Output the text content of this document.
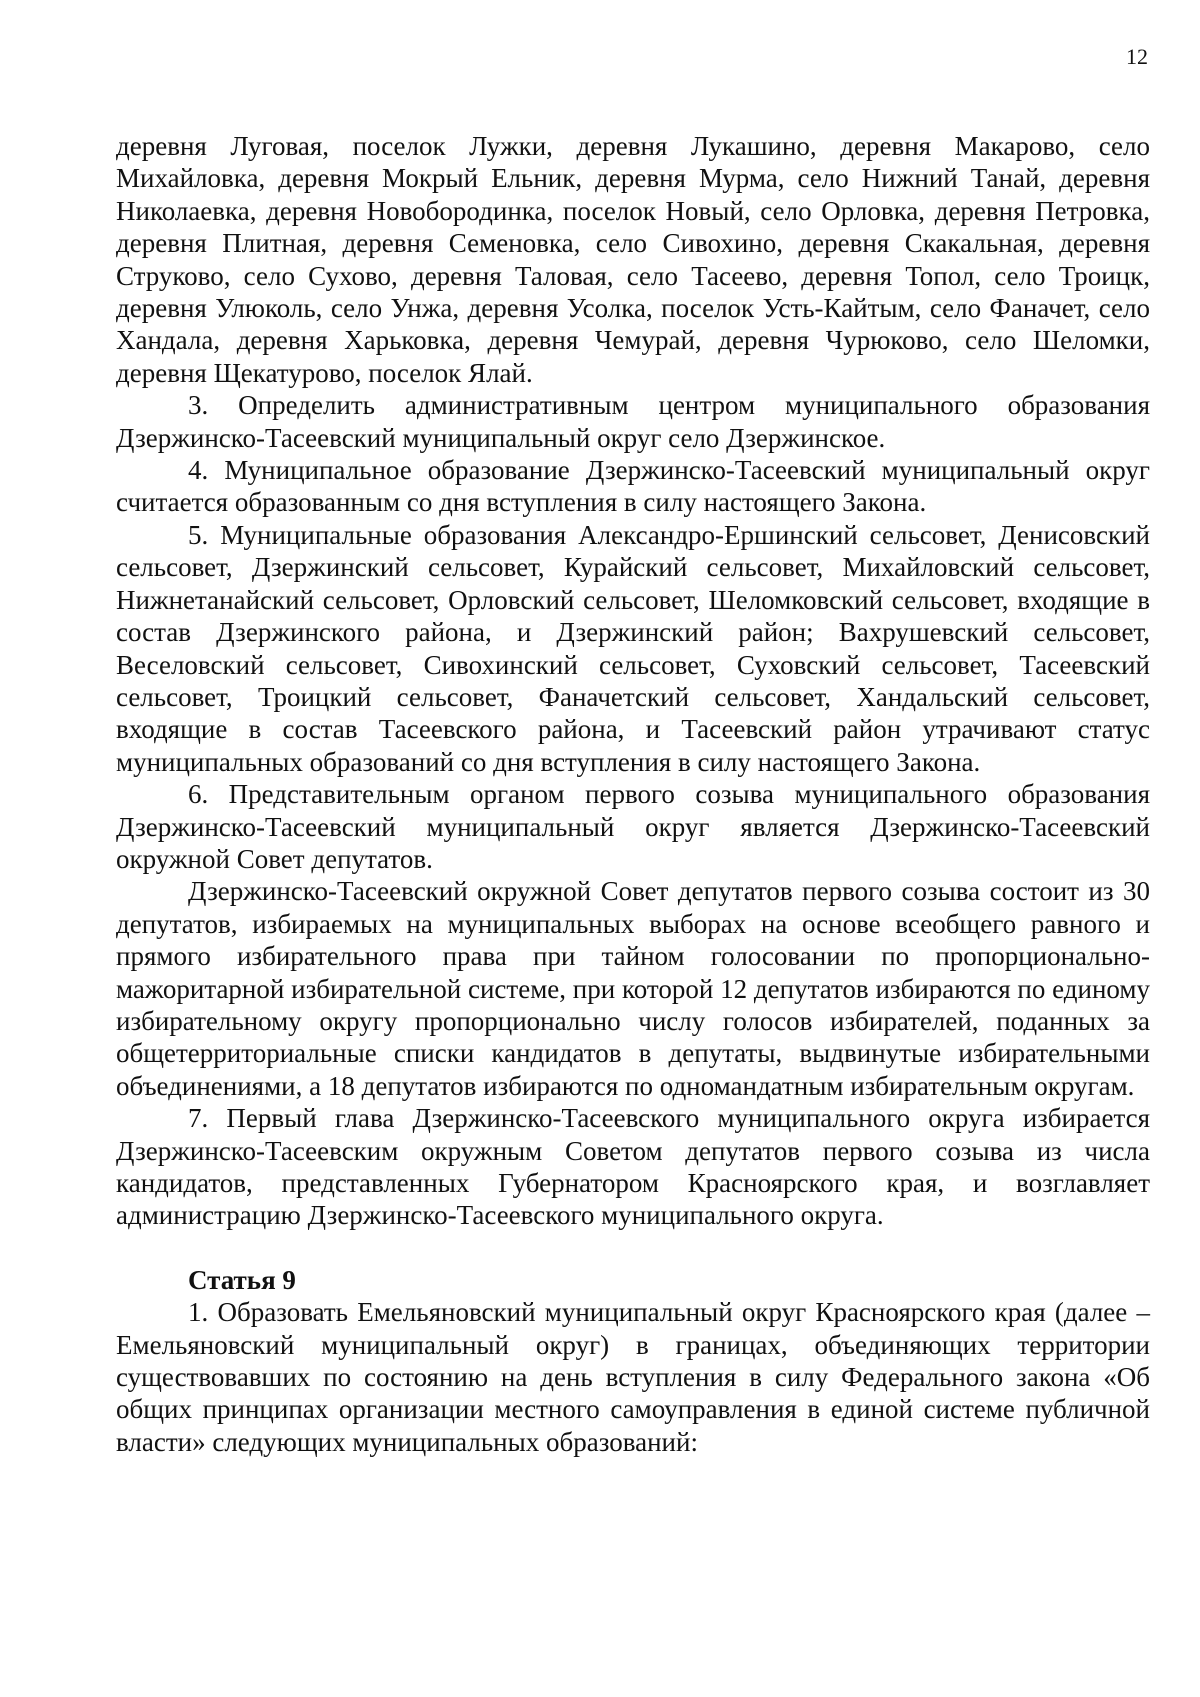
12

деревня Луговая, поселок Лужки, деревня Лукашино, деревня Макарово, село Михайловка, деревня Мокрый Ельник, деревня Мурма, село Нижний Танай, деревня Николаевка, деревня Новобородинка, поселок Новый, село Орловка, деревня Петровка, деревня Плитная, деревня Семеновка, село Сивохино, деревня Скакальная, деревня Струково, село Сухово, деревня Таловая, село Тасеево, деревня Топол, село Троицк, деревня Улюколь, село Унжа, деревня Усолка, поселок Усть-Кайтым, село Фаначет, село Хандала, деревня Харьковка, деревня Чемурай, деревня Чурюково, село Шеломки, деревня Щекатурово, поселок Ялай.

3. Определить административным центром муниципального образования Дзержинско-Тасеевский муниципальный округ село Дзержинское.

4. Муниципальное образование Дзержинско-Тасеевский муниципальный округ считается образованным со дня вступления в силу настоящего Закона.

5. Муниципальные образования Александро-Ершинский сельсовет, Денисовский сельсовет, Дзержинский сельсовет, Курайский сельсовет, Михайловский сельсовет, Нижнетанайский сельсовет, Орловский сельсовет, Шеломковский сельсовет, входящие в состав Дзержинского района, и Дзержинский район; Вахрушевский сельсовет, Веселовский сельсовет, Сивохинский сельсовет, Суховский сельсовет, Тасеевский сельсовет, Троицкий сельсовет, Фаначетский сельсовет, Хандальский сельсовет, входящие в состав Тасеевского района, и Тасеевский район утрачивают статус муниципальных образований со дня вступления в силу настоящего Закона.

6. Представительным органом первого созыва муниципального образования Дзержинско-Тасеевский муниципальный округ является Дзержинско-Тасеевский окружной Совет депутатов.

Дзержинско-Тасеевский окружной Совет депутатов первого созыва состоит из 30 депутатов, избираемых на муниципальных выборах на основе всеобщего равного и прямого избирательного права при тайном голосовании по пропорционально-мажоритарной избирательной системе, при которой 12 депутатов избираются по единому избирательному округу пропорционально числу голосов избирателей, поданных за общетерриториальные списки кандидатов в депутаты, выдвинутые избирательными объединениями, а 18 депутатов избираются по одномандатным избирательным округам.

7. Первый глава Дзержинско-Тасеевского муниципального округа избирается Дзержинско-Тасеевским окружным Советом депутатов первого созыва из числа кандидатов, представленных Губернатором Красноярского края, и возглавляет администрацию Дзержинско-Тасеевского муниципального округа.

Статья 9

1. Образовать Емельяновский муниципальный округ Красноярского края (далее – Емельяновский муниципальный округ) в границах, объединяющих территории существовавших по состоянию на день вступления в силу Федерального закона «Об общих принципах организации местного самоуправления в единой системе публичной власти» следующих муниципальных образований:
